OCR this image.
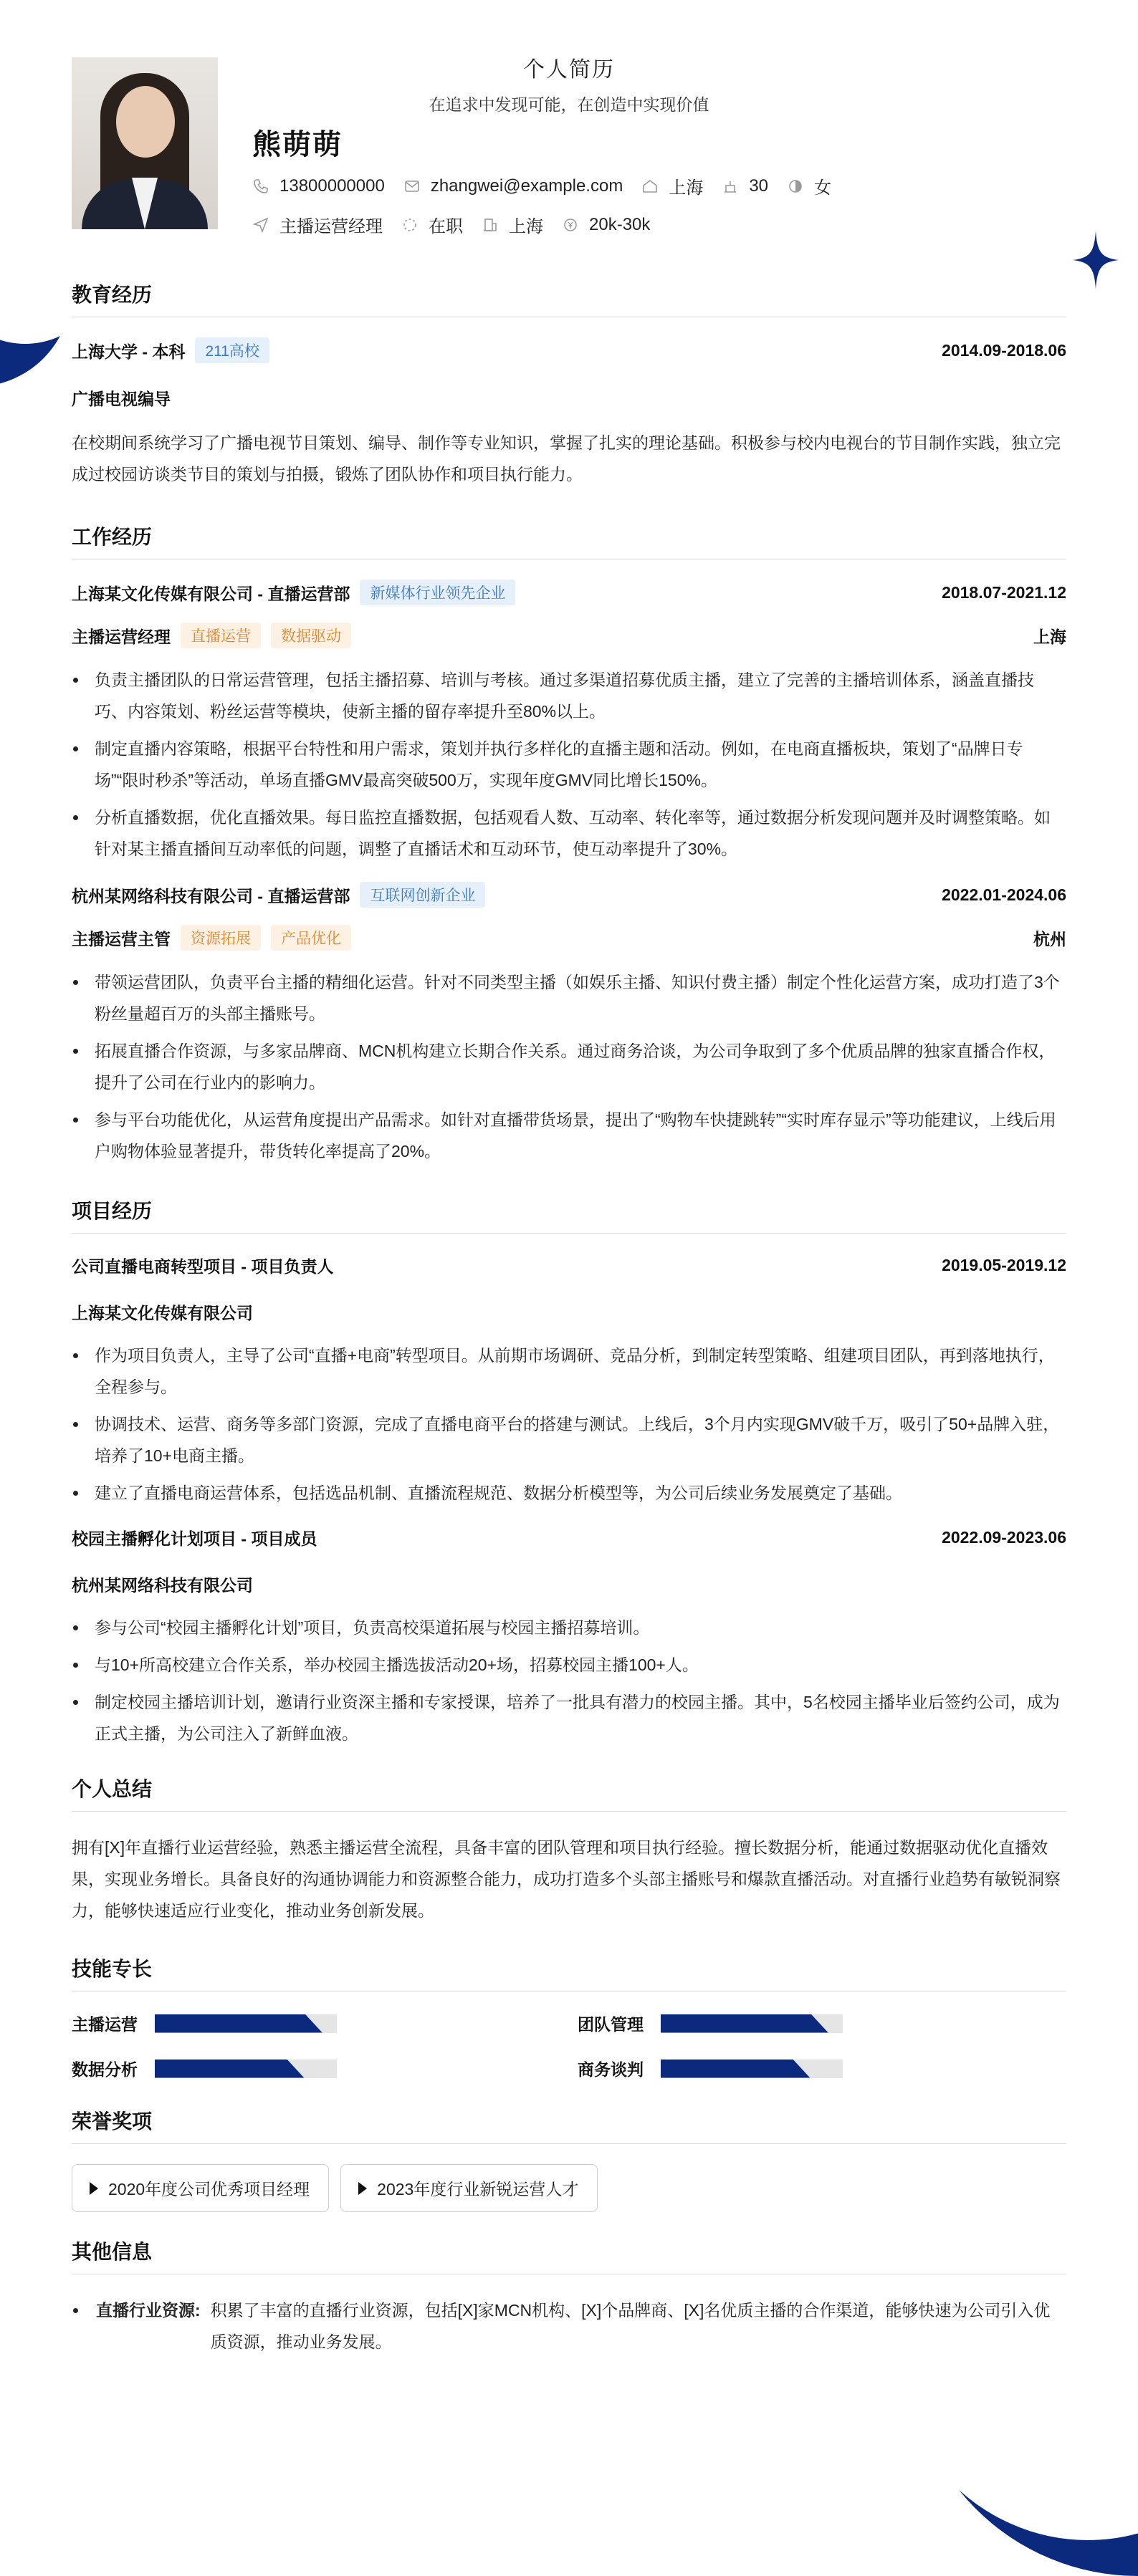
个人简历
在追求中发现可能，在创造中实现价值
熊萌萌
13800000000	zhangwei@example.com	上海	30	女
主播运营经理	在职	上海	20k-30k
教育经历
上海大学 - 本科	211高校	2014.09-2018.06
广播电视编导
在校期间系统学习了广播电视节目策划、编导、制作等专业知识，掌握了扎实的理论基础。积极参与校内电视台的节目制作实践，独立完成过校园访谈类节目的策划与拍摄，锻炼了团队协作和项目执行能力。
工作经历
上海某文化传媒有限公司 - 直播运营部	新媒体行业领先企业	2018.07-2021.12
主播运营经理	直播运营	数据驱动	上海
负责主播团队的日常运营管理，包括主播招募、培训与考核。通过多渠道招募优质主播，建立了完善的主播培训体系，涵盖直播技巧、内容策划、粉丝运营等模块，使新主播的留存率提升至80%以上。
制定直播内容策略，根据平台特性和用户需求，策划并执行多样化的直播主题和活动。例如，在电商直播板块，策划了“品牌日专场”“限时秒杀”等活动，单场直播GMV最高突破500万，实现年度GMV同比增长150%。
分析直播数据，优化直播效果。每日监控直播数据，包括观看人数、互动率、转化率等，通过数据分析发现问题并及时调整策略。如针对某主播直播间互动率低的问题，调整了直播话术和互动环节，使互动率提升了30%。
杭州某网络科技有限公司 - 直播运营部	互联网创新企业	2022.01-2024.06
主播运营主管	资源拓展	产品优化	杭州
带领运营团队，负责平台主播的精细化运营。针对不同类型主播（如娱乐主播、知识付费主播）制定个性化运营方案，成功打造了3个粉丝量超百万的头部主播账号。
拓展直播合作资源，与多家品牌商、MCN机构建立长期合作关系。通过商务洽谈，为公司争取到了多个优质品牌的独家直播合作权，提升了公司在行业内的影响力。
参与平台功能优化，从运营角度提出产品需求。如针对直播带货场景，提出了“购物车快捷跳转”“实时库存显示”等功能建议，上线后用户购物体验显著提升，带货转化率提高了20%。
项目经历
公司直播电商转型项目 - 项目负责人	2019.05-2019.12
上海某文化传媒有限公司
作为项目负责人，主导了公司“直播+电商”转型项目。从前期市场调研、竞品分析，到制定转型策略、组建项目团队，再到落地执行，全程参与。
协调技术、运营、商务等多部门资源，完成了直播电商平台的搭建与测试。上线后，3个月内实现GMV破千万，吸引了50+品牌入驻，培养了10+电商主播。
建立了直播电商运营体系，包括选品机制、直播流程规范、数据分析模型等，为公司后续业务发展奠定了基础。
校园主播孵化计划项目 - 项目成员	2022.09-2023.06
杭州某网络科技有限公司
参与公司“校园主播孵化计划”项目，负责高校渠道拓展与校园主播招募培训。
与10+所高校建立合作关系，举办校园主播选拔活动20+场，招募校园主播100+人。
制定校园主播培训计划，邀请行业资深主播和专家授课，培养了一批具有潜力的校园主播。其中，5名校园主播毕业后签约公司，成为正式主播，为公司注入了新鲜血液。
个人总结
拥有[X]年直播行业运营经验，熟悉主播运营全流程，具备丰富的团队管理和项目执行经验。擅长数据分析，能通过数据驱动优化直播效果，实现业务增长。具备良好的沟通协调能力和资源整合能力，成功打造多个头部主播账号和爆款直播活动。对直播行业趋势有敏锐洞察力，能够快速适应行业变化，推动业务创新发展。
技能专长
主播运营	团队管理
数据分析	商务谈判
荣誉奖项
2020年度公司优秀项目经理	2023年度行业新锐运营人才
其他信息
直播行业资源: 积累了丰富的直播行业资源，包括[X]家MCN机构、[X]个品牌商、[X]名优质主播的合作渠道，能够快速为公司引入优质资源，推动业务发展。
